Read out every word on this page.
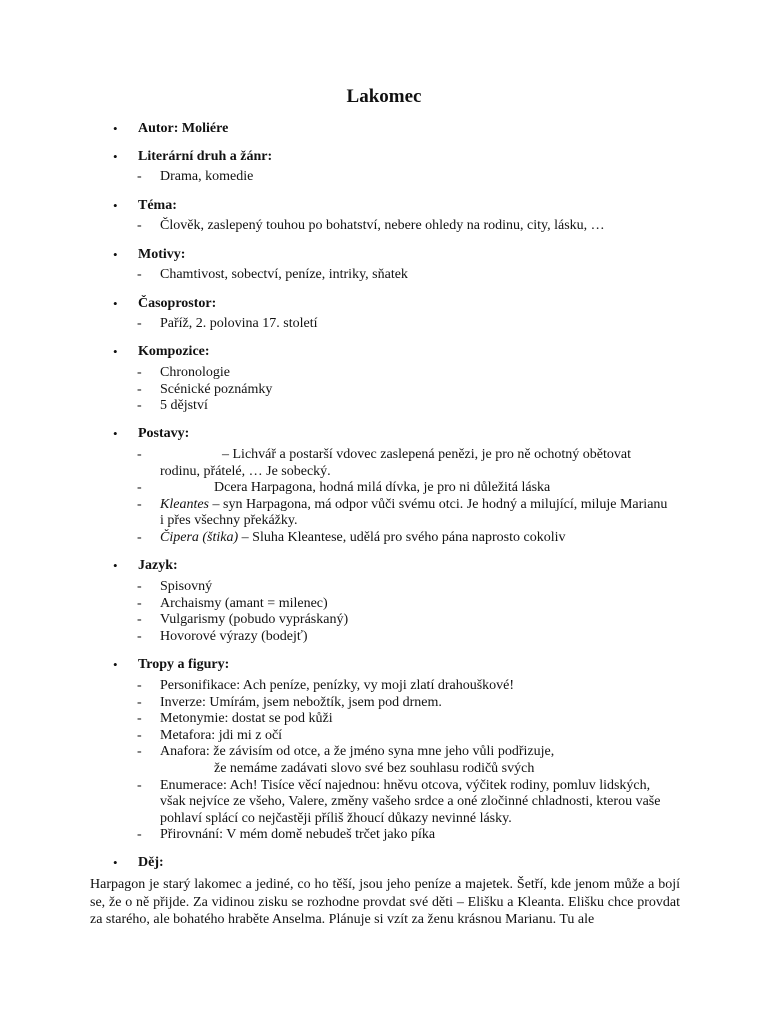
Lakomec
• Autor: Moliére
• Literární druh a žánr:
- Drama, komedie
• Téma:
- Člověk, zaslepený touhou po bohatství, nebere ohledy na rodinu, city, lásku, …
• Motivy:
- Chamtivost, sobectví, peníze, intriky, sňatek
• Časoprostor:
- Paříž, 2. polovina 17. století
• Kompozice:
- Chronologie
- Scénické poznámky
- 5 dějství
• Postavy:
-	– Lichvář a postarší vdovec zaslepená penězi, je pro ně ochotný obětovat
rodinu, přátelé, … Je sobecký.
-	Dcera Harpagona, hodná milá dívka, je pro ni důležitá láska
- Kleantes – syn Harpagona, má odpor vůči svému otci. Je hodný a milující, miluje Marianu
i přes všechny překážky.
- Čipera (štika) – Sluha Kleantese, udělá pro svého pána naprosto cokoliv
• Jazyk:
- Spisovný
- Archaismy (amant = milenec)
- Vulgarismy (pobudo vypráskaný)
- Hovorové výrazy (bodejť)
• Tropy a figury:
- Personifikace: Ach peníze, penízky, vy moji zlatí drahouškové!
- Inverze: Umírám, jsem nebožtík, jsem pod drnem.
- Metonymie: dostat se pod kůži
- Metafora: jdi mi z očí
- Anafora: že závisím od otce, a že jméno syna mne jeho vůli podřizuje,
že nemáme zadávati slovo své bez souhlasu rodičů svých
- Enumerace: Ach! Tisíce věcí najednou: hněvu otcova, výčitek rodiny, pomluv lidských,
však nejvíce ze všeho, Valere, změny vašeho srdce a oné zločinné chladnosti, kterou vaše
pohlaví splácí co nejčastěji příliš žhoucí důkazy nevinné lásky.
- Přirovnání: V mém domě nebudeš trčet jako píka
• Děj:
Harpagon je starý lakomec a jediné, co ho těší, jsou jeho peníze a majetek. Šetří, kde jenom může a bojí se, že o ně přijde. Za vidinou zisku se rozhodne provdat své děti – Elišku a Kleanta. Elišku chce provdat za starého, ale bohatého hraběte Anselma. Plánuje si vzít za ženu krásnou Marianu. Tu ale
